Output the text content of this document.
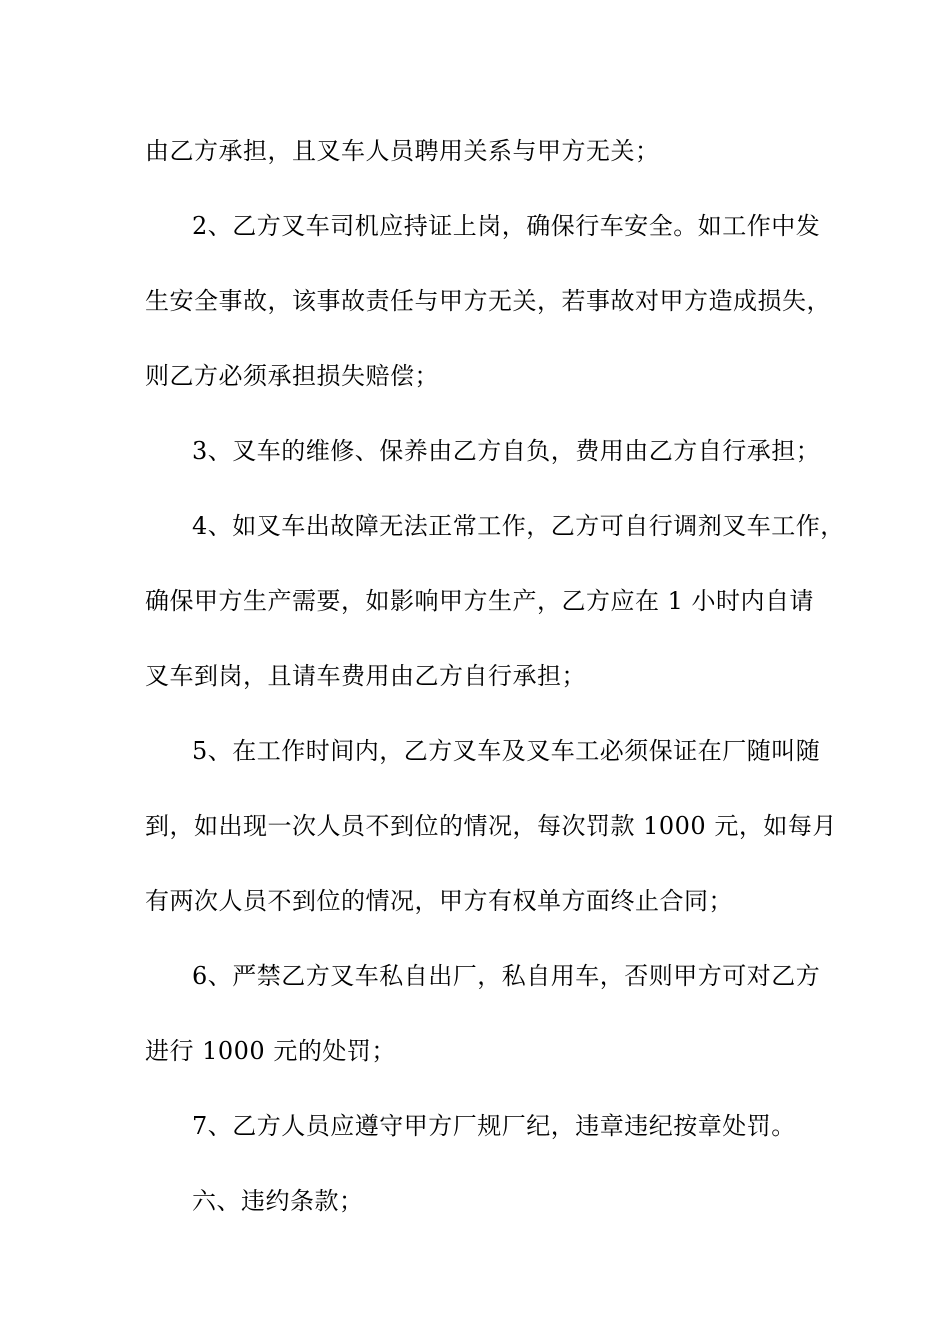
由乙方承担，且叉车人员聘用关系与甲方无关；
2、乙方叉车司机应持证上岗，确保行车安全。如工作中发
生安全事故，该事故责任与甲方无关，若事故对甲方造成损失，
则乙方必须承担损失赔偿；
3、叉车的维修、保养由乙方自负，费用由乙方自行承担；
4、如叉车出故障无法正常工作，乙方可自行调剂叉车工作，
确保甲方生产需要，如影响甲方生产，乙方应在 1 小时内自请
叉车到岗，且请车费用由乙方自行承担；
5、在工作时间内，乙方叉车及叉车工必须保证在厂随叫随
到，如出现一次人员不到位的情况，每次罚款 1000 元，如每月
有两次人员不到位的情况，甲方有权单方面终止合同；
6、严禁乙方叉车私自出厂，私自用车，否则甲方可对乙方
进行 1000 元的处罚；
7、乙方人员应遵守甲方厂规厂纪，违章违纪按章处罚。
六、违约条款；
